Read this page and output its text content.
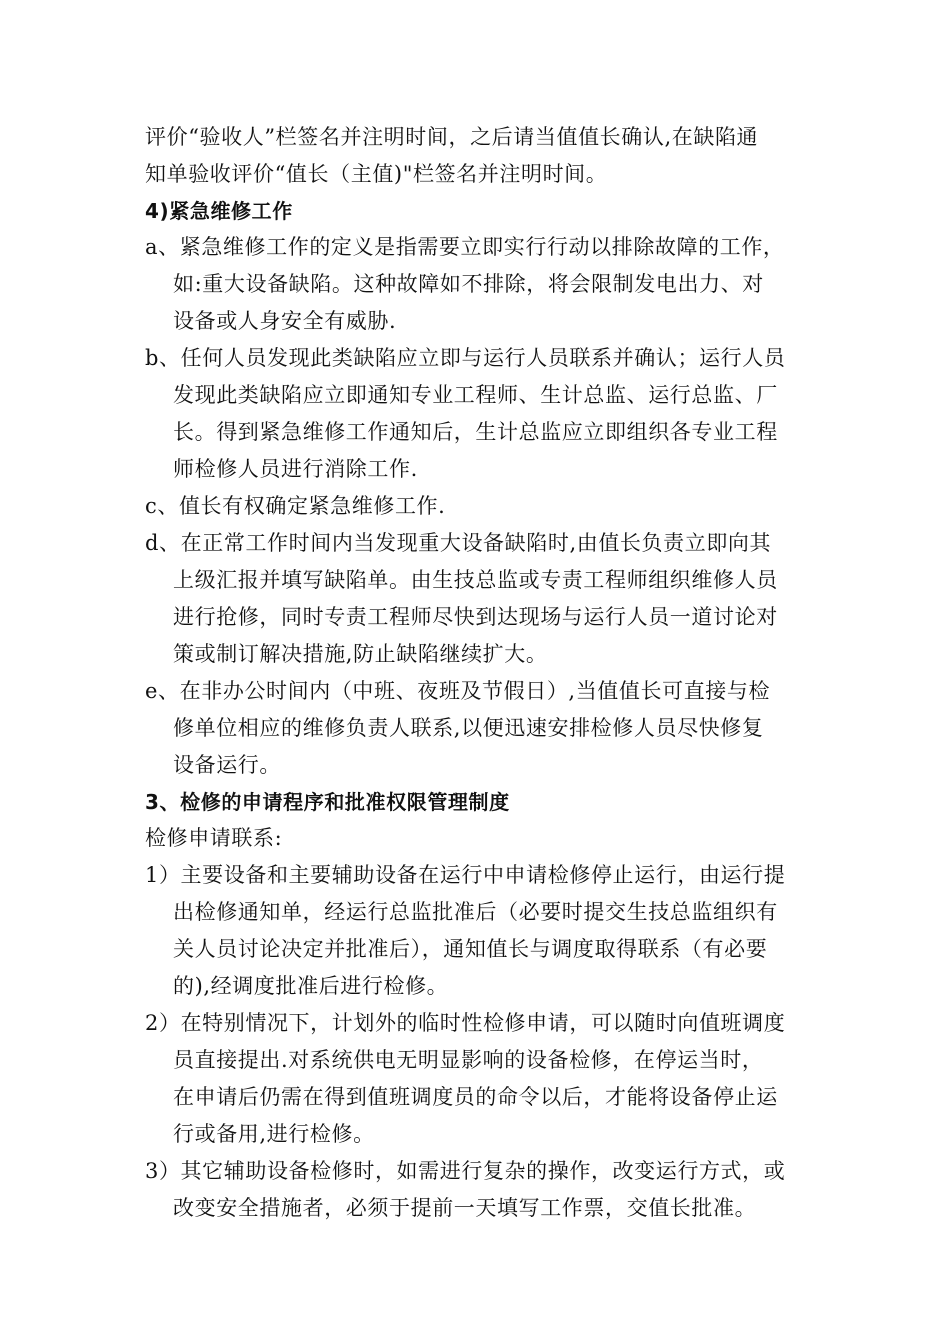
评价“验收人”栏签名并注明时间，之后请当值值长确认,在缺陷通
知单验收评价“值长（主值)"栏签名并注明时间。
4)紧急维修工作
a、紧急维修工作的定义是指需要立即实行行动以排除故障的工作，
如:重大设备缺陷。这种故障如不排除，将会限制发电出力、对
设备或人身安全有威胁.
b、任何人员发现此类缺陷应立即与运行人员联系并确认；运行人员
发现此类缺陷应立即通知专业工程师、生计总监、运行总监、厂
长。得到紧急维修工作通知后，生计总监应立即组织各专业工程
师检修人员进行消除工作.
c、值长有权确定紧急维修工作.
d、在正常工作时间内当发现重大设备缺陷时,由值长负责立即向其
上级汇报并填写缺陷单。由生技总监或专责工程师组织维修人员
进行抢修，同时专责工程师尽快到达现场与运行人员一道讨论对
策或制订解决措施,防止缺陷继续扩大。
e、在非办公时间内（中班、夜班及节假日）,当值值长可直接与检
修单位相应的维修负责人联系,以便迅速安排检修人员尽快修复
设备运行。
3、检修的申请程序和批准权限管理制度
检修申请联系:
1）主要设备和主要辅助设备在运行中申请检修停止运行，由运行提
出检修通知单，经运行总监批准后（必要时提交生技总监组织有
关人员讨论决定并批准后），通知值长与调度取得联系（有必要
的),经调度批准后进行检修。
2）在特别情况下，计划外的临时性检修申请，可以随时向值班调度
员直接提出.对系统供电无明显影响的设备检修，在停运当时，
在申请后仍需在得到值班调度员的命令以后，才能将设备停止运
行或备用,进行检修。
3）其它辅助设备检修时，如需进行复杂的操作，改变运行方式，或
改变安全措施者，必须于提前一天填写工作票，交值长批准。
